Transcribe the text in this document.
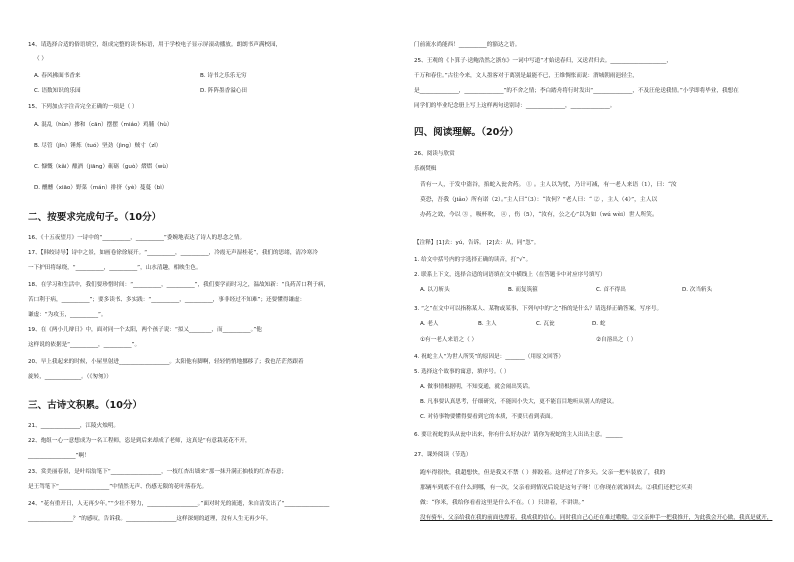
14、请选择合适的俗语填空，组成完整的读书标语，用于学校电子显示屏滚动播放。朗朗书声满校园，
（ ）
A. 春风拂面书香来	B. 诗书之乐乐无穷
C. 语数知识的乐园	D. 阵阵墨香溢心田
15、下列加点字注音完全正确的一项是（ ）
A. 混乱（hùn）掺和（cān）摆摆（miáo）鸡脯（hù）
B. 尽管（jǐn）锤炼（tuó）坚劲（jìng）贼寸（zǐ）
C. 慷慨（kǎi）酿酒（jiāng）砺砺（ɡuò）熠熠（wù）
D. 醺醺（xiāo）野菜（mán）排挤（yè）蔓蔓（bì）
二、按要求完成句子。（10分）
16、《十五夜望月》一诗中的“__________，__________”委婉地表达了诗人的思念之情。
17、【韩皎诗导】诗中之景，如画卷徐徐展开。“__________，__________，冷霞无声湿桂花”，我们的思绪，清冷寒冷
一下护田将绿绕，“__________，__________”，山水清趣，相映生色。
18、在学习和生活中，我们要珍惜时间：“__________，__________”，我们要学而时习之，温故知新：“良药苦口利于病，
苦口利于病，__________”；要多读书、多实践：“__________，__________，事非经过不知难”；还要懂得谦虚：
谦虚：“为攻玉，__________”。
19、在《两小儿辩日》中，面对同一个太阳，两个孩子说：“拟乂________，而__________。”他
这样说的依据是“__________，__________”。
20、早上我起来的时候，小屋里射进__________________。太阳他有脚啊，轻轻悄悄地挪移了；我也茫茫然跟着
旋转，_____________。（《匆匆》）
三、古诗文积累。（10分）
21、______________，江陵火烛明。
22、炮组一心一意想成为一名工程师，恣是到后来却成了老师，这真是“有意栽花花不开，
_________________”啊！
23、赏美丽春景，是叶绍翁笔下“__________________，一枝红杏出墙来”那一抹升满正抽枝的红杏春意；
是王驾笔下“__________________”中情然无声、伤感无限的花叶落春光。
24、“花有重开日，人无再少年。”“少壮不努力，__________________。”面对时光的流逝，朱自清发出了“________________
________________？”的感叹，告诉我。__________________这样深刻的道理，没有人生无再少年。
门前流水尚能西！__________的豁达之语。
25、王观的《卜算子·送鲍浩然之浙东》一词中写道“才始送春归，又送君归去。____________________，
千万和春住。”古往今来，文人墨客对于离别是最能不已，王维惆怅而说：渭城朝雨浥轻尘，
是______________，______________”的不舍之情；李白踏舟将行时发出“______________，不及汪伦送我情。”小学即将毕业，我想在
同学们的毕业纪念册上写上这样两句送别诗：______________，______________。
四、阅读理解。（20分）
26、阅读与欣赏
乐祸焚楫
昔有一人，于发中盗谷，掐蛇入瓮舍药。 ① 。主人以为忧，乃计可减，有一老人来语（1），曰：“汝
莫恐，吾我（jiǎo）所有诺（2）。”主人曰“（3）：“汝何？”老人曰：“ ② ，主人（4）”，主人以
办药之效，今以 ③ ，吸杯吹， ④ ，伤（5），“汝有，公之心”以为如（wú wèi）世人所笑。
【注释】[1]去：yú，告诉。 [2]去：从，同“忽”。
1. 给文中括号内的字选择正确的读音，打“√”。
2. 联系上下文，选择合适的词语填在文中横线上（在答题卡中对应序号填写）
A. 以刀斩头	B. 而复筑箍	C. 首不得出	D. 次当斩头
3. “之”在文中可以指称某人、某物或某事，下列句中的“之”指的是什么？请选择正确答案，写序号。
A. 老人	B. 主人	C. 瓦瓮	D. 蛇
①有一老人来语之（ ）	②自溶出之（ ）
4. 祝蛇主人“为世人所笑”的原因是：_______（用原文回答）
5. 选择这个故事的寓意，填序号。（ ）
A. 做事情根据明，不知变通，就会闹出笑话。
B. 凡事要认真思考，仔细研究，不能因小失大，更不能盲目地听从别人的建议。
C. 对待事物要懂得要看到它的本质，不要只看到表面。
6. 要让祝蛇的头从瓮中出来，你有什么好办法？请你为祝蛇的主人出出主意。______
27、课外阅读（节选）
跑车得很快，我超想快，但是我又不禁（ ）摔跤着。这样过了许多天。父亲一把车装放了，我的
那辆车到底不在什么到哪，有一次，父亲看到情况后说是这句子呀！①你现在就该回去。②我们还把它买卖
做：“你米，我给你看看这里是什么不在。（ ）只讲着，不讲讲。”
没有骑车，父亲给我在我的前面也撑着，我成我的信心。同时我自己心还在难过嗷嗷。②父亲伸手一把我推开，为此我会开心做，我真是就开，
